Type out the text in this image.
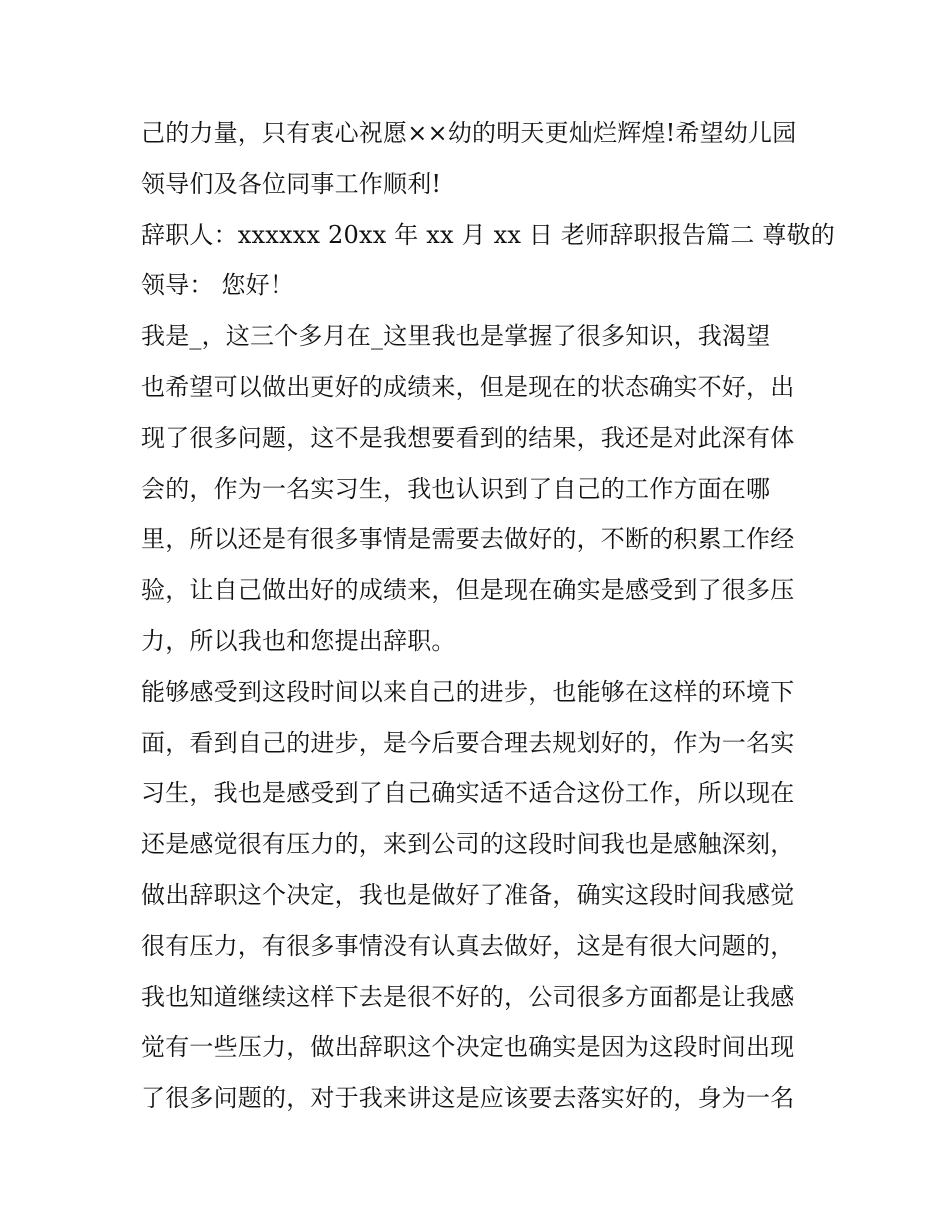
己的力量，只有衷心祝愿××幼的明天更灿烂辉煌!希望幼儿园
领导们及各位同事工作顺利!
辞职人：xxxxxx 20xx 年 xx 月 xx 日 老师辞职报告篇二 尊敬的
领导： 您好！
我是_，这三个多月在_这里我也是掌握了很多知识，我渴望
也希望可以做出更好的成绩来，但是现在的状态确实不好，出
现了很多问题，这不是我想要看到的结果，我还是对此深有体
会的，作为一名实习生，我也认识到了自己的工作方面在哪
里，所以还是有很多事情是需要去做好的，不断的积累工作经
验，让自己做出好的成绩来，但是现在确实是感受到了很多压
力，所以我也和您提出辞职。
能够感受到这段时间以来自己的进步，也能够在这样的环境下
面，看到自己的进步，是今后要合理去规划好的，作为一名实
习生，我也是感受到了自己确实适不适合这份工作，所以现在
还是感觉很有压力的，来到公司的这段时间我也是感触深刻，
做出辞职这个决定，我也是做好了准备，确实这段时间我感觉
很有压力，有很多事情没有认真去做好，这是有很大问题的，
我也知道继续这样下去是很不好的，公司很多方面都是让我感
觉有一些压力，做出辞职这个决定也确实是因为这段时间出现
了很多问题的，对于我来讲这是应该要去落实好的，身为一名
